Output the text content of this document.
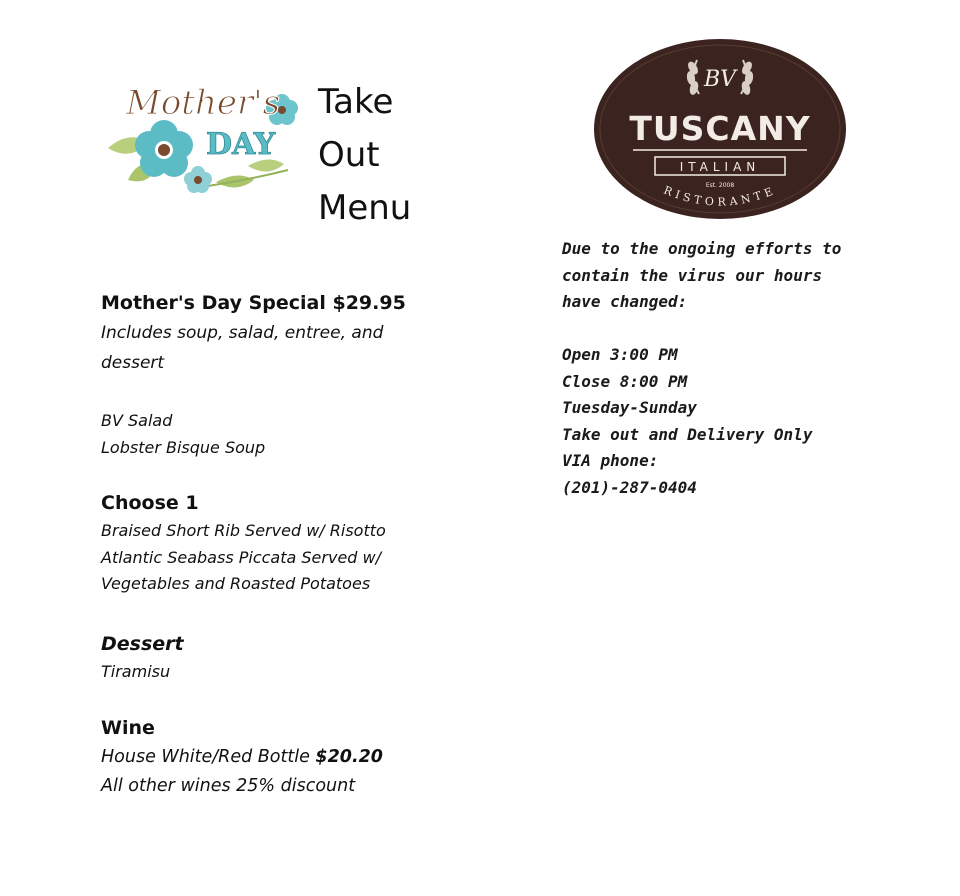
Mother's
DAY
Take
Out
Menu
BV
TUSCANY
ITALIAN
Est. 2008
RISTORANTE

Due to the ongoing efforts to

contain the virus our hours

have changed:

Open 3:00 PM

Close 8:00 PM

Tuesday-Sunday

Take out and Delivery Only

VIA phone:

(201)-287-0404

Mother's Day Special $29.95

Includes soup, salad, entree, and

dessert

BV Salad

Lobster Bisque Soup

Choose 1

Braised Short Rib Served w/ Risotto

Atlantic Seabass Piccata Served w/

Vegetables and Roasted Potatoes

Dessert

Tiramisu

Wine

House White/Red Bottle $20.20

All other wines 25% discount
